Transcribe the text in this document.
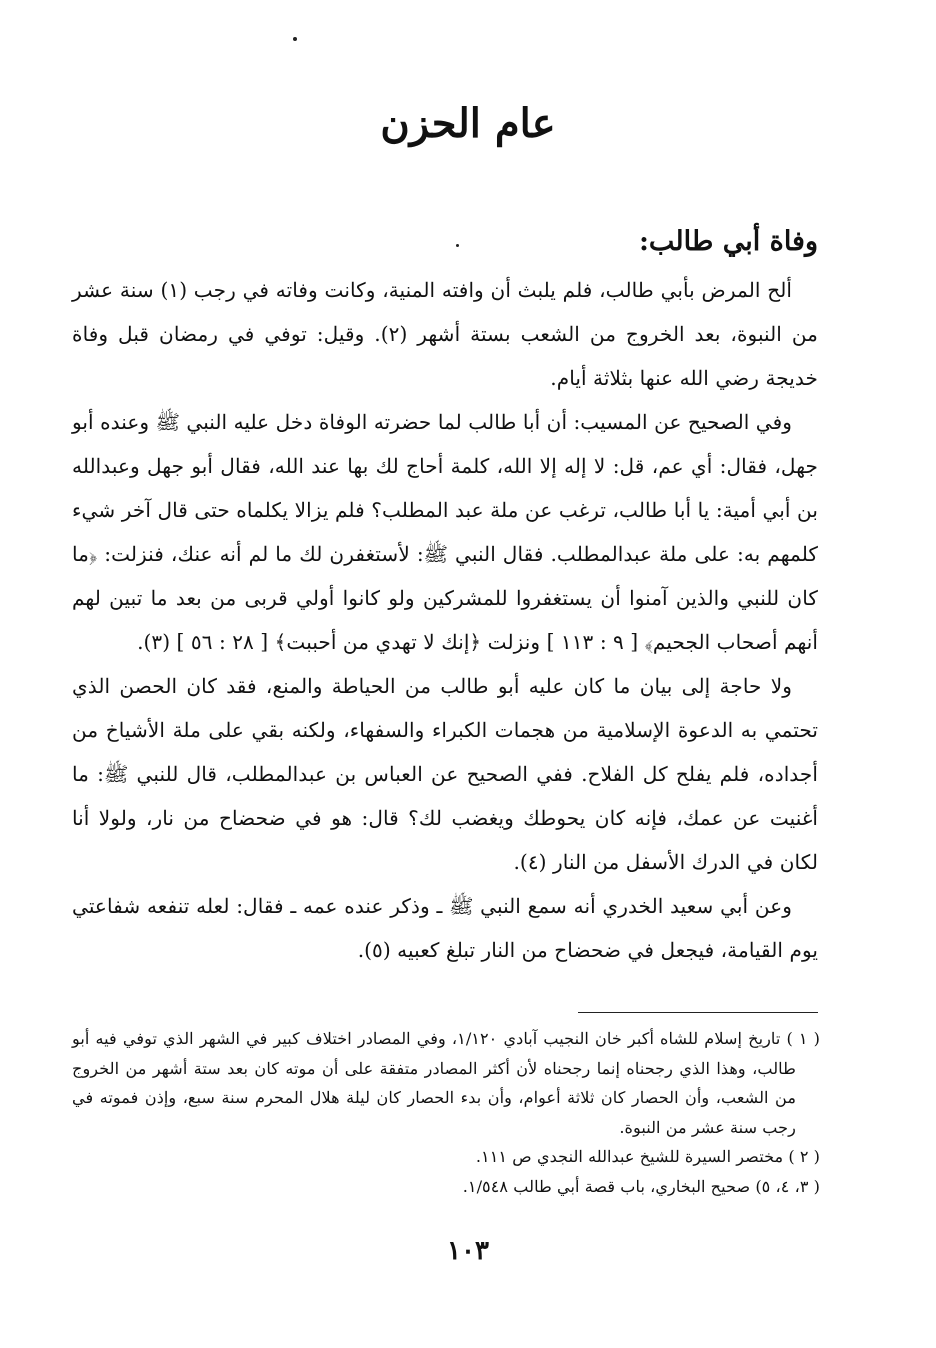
عام الحزن
وفاة أبي طالب:

ألح المرض بأبي طالب، فلم يلبث أن وافته المنية، وكانت وفاته في رجب (١) سنة عشر من النبوة، بعد الخروج من الشعب بستة أشهر (٢). وقيل: توفي في رمضان قبل وفاة خديجة رضي الله عنها بثلاثة أيام.

وفي الصحيح عن المسيب: أن أبا طالب لما حضرته الوفاة دخل عليه النبي ﷺ وعنده أبو جهل، فقال: أي عم، قل: لا إله إلا الله، كلمة أحاج لك بها عند الله، فقال أبو جهل وعبدالله بن أبي أمية: يا أبا طالب، ترغب عن ملة عبد المطلب؟ فلم يزالا يكلماه حتى قال آخر شيء كلمهم به: على ملة عبدالمطلب. فقال النبي ﷺ: لأستغفرن لك ما لم أنه عنك، فنزلت: ﴿ما كان للنبي والذين آمنوا أن يستغفروا للمشركين ولو كانوا أولي قربى من بعد ما تبين لهم أنهم أصحاب الجحيم﴾ [ ٩ : ١١٣ ] ونزلت ﴿إنك لا تهدي من أحببت﴾ [ ٢٨ : ٥٦ ] (٣).

ولا حاجة إلى بيان ما كان عليه أبو طالب من الحياطة والمنع، فقد كان الحصن الذي تحتمي به الدعوة الإسلامية من هجمات الكبراء والسفهاء، ولكنه بقي على ملة الأشياخ من أجداده، فلم يفلح كل الفلاح. ففي الصحيح عن العباس بن عبدالمطلب، قال للنبي ﷺ: ما أغنيت عن عمك، فإنه كان يحوطك ويغضب لك؟ قال: هو في ضحضاح من نار، ولولا أنا لكان في الدرك الأسفل من النار (٤).

وعن أبي سعيد الخدري أنه سمع النبي ﷺ ـ وذكر عنده عمه ـ فقال: لعله تنفعه شفاعتي يوم القيامة، فيجعل في ضحضاح من النار تبلغ كعبيه (٥).

( ١ ) تاريخ إسلام للشاه أكبر خان النجيب آبادي ١/١٢٠، وفي المصادر اختلاف كبير في الشهر الذي توفي فيه أبو طالب، وهذا الذي رجحناه إنما رجحناه لأن أكثر المصادر متفقة على أن موته كان بعد ستة أشهر من الخروج من الشعب، وأن الحصار كان ثلاثة أعوام، وأن بدء الحصار كان ليلة هلال المحرم سنة سبع، وإذن فموته في رجب سنة عشر من النبوة.

( ٢ ) مختصر السيرة للشيخ عبدالله النجدي ص ١١١.

( ٣، ٤، ٥) صحيح البخاري، باب قصة أبي طالب ١/٥٤٨.

١٠٣
